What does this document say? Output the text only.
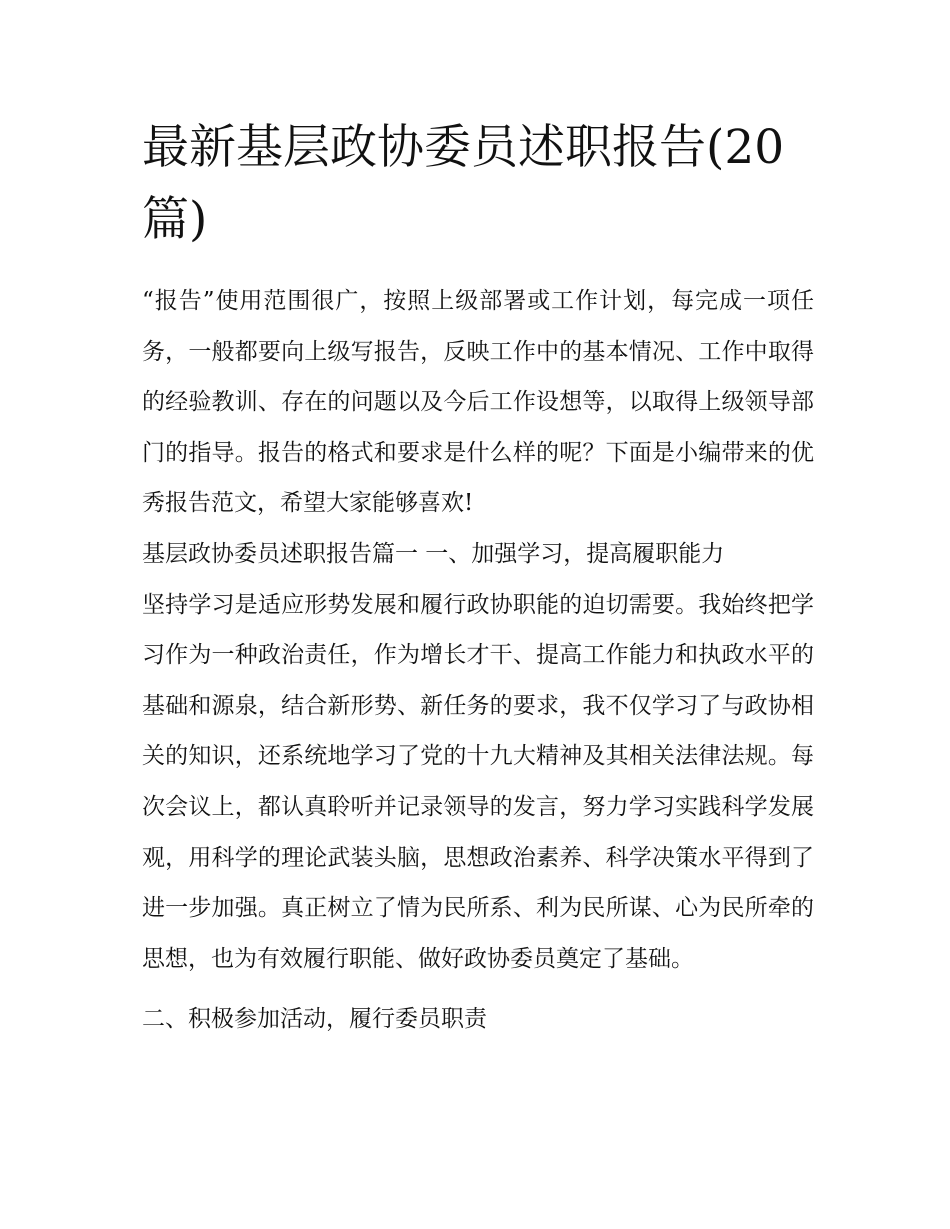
最新基层政协委员述职报告(20篇)

“报告”使用范围很广，按照上级部署或工作计划，每完成一项任务，一般都要向上级写报告，反映工作中的基本情况、工作中取得的经验教训、存在的问题以及今后工作设想等，以取得上级领导部门的指导。报告的格式和要求是什么样的呢？下面是小编带来的优秀报告范文，希望大家能够喜欢!

基层政协委员述职报告篇一 一、加强学习，提高履职能力

坚持学习是适应形势发展和履行政协职能的迫切需要。我始终把学习作为一种政治责任，作为增长才干、提高工作能力和执政水平的基础和源泉，结合新形势、新任务的要求，我不仅学习了与政协相关的知识，还系统地学习了党的十九大精神及其相关法律法规。每次会议上，都认真聆听并记录领导的发言，努力学习实践科学发展观，用科学的理论武装头脑，思想政治素养、科学决策水平得到了进一步加强。真正树立了情为民所系、利为民所谋、心为民所牵的思想，也为有效履行职能、做好政协委员奠定了基础。

二、积极参加活动，履行委员职责
